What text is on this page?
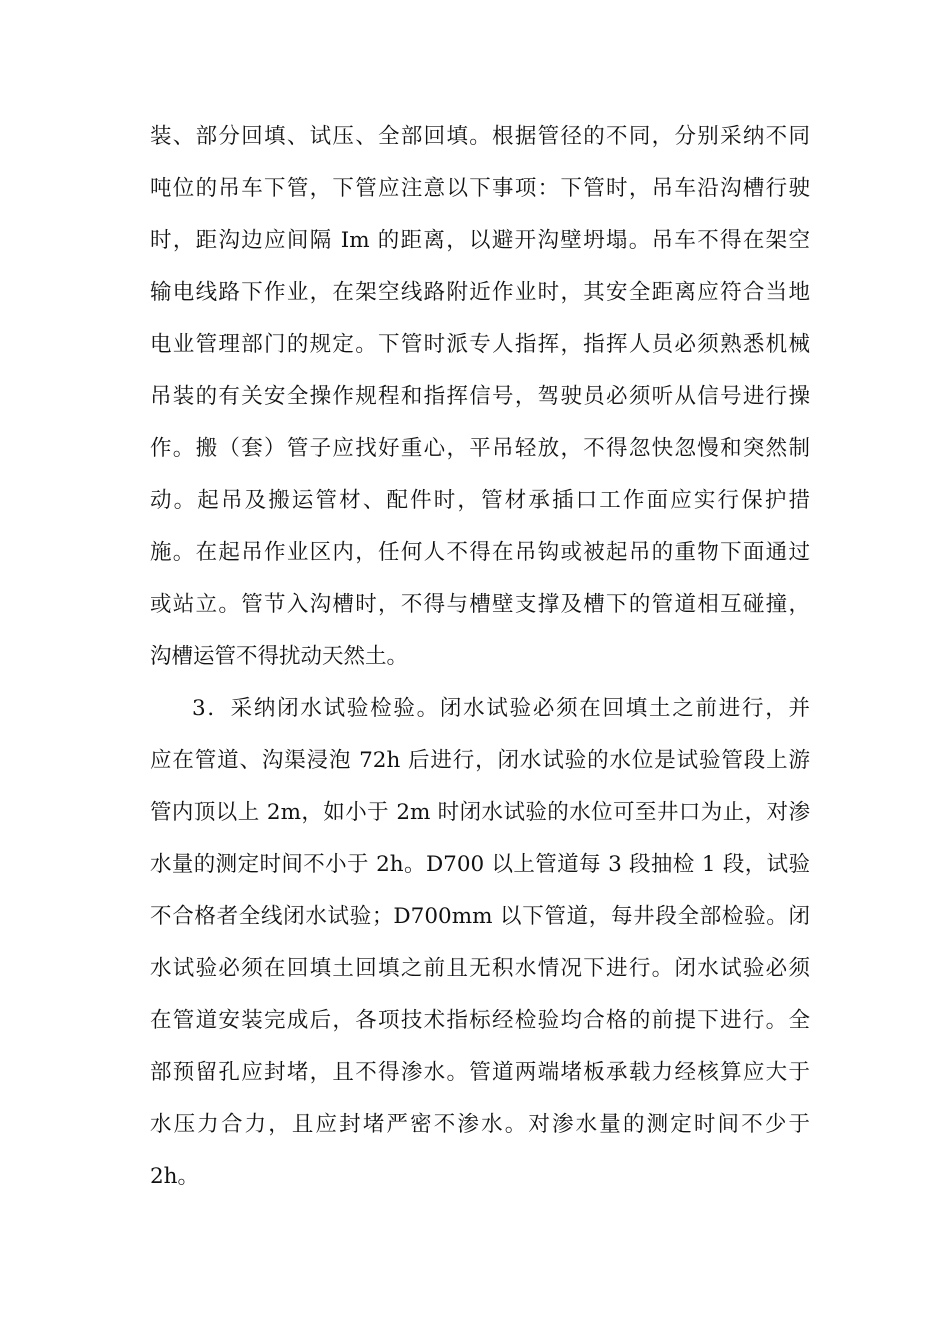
装、部分回填、试压、全部回填。根据管径的不同，分别采纳不同
吨位的吊车下管，下管应注意以下事项：下管时，吊车沿沟槽行驶
时，距沟边应间隔 Im 的距离，以避开沟壁坍塌。吊车不得在架空
输电线路下作业，在架空线路附近作业时，其安全距离应符合当地
电业管理部门的规定。下管时派专人指挥，指挥人员必须熟悉机械
吊装的有关安全操作规程和指挥信号，驾驶员必须听从信号进行操
作。搬（套）管子应找好重心，平吊轻放，不得忽快忽慢和突然制
动。起吊及搬运管材、配件时，管材承插口工作面应实行保护措
施。在起吊作业区内，任何人不得在吊钩或被起吊的重物下面通过
或站立。管节入沟槽时，不得与槽壁支撑及槽下的管道相互碰撞，
沟槽运管不得扰动天然土。
3．采纳闭水试验检验。闭水试验必须在回填土之前进行，并
应在管道、沟渠浸泡 72h 后进行，闭水试验的水位是试验管段上游
管内顶以上 2m，如小于 2m 时闭水试验的水位可至井口为止，对渗
水量的测定时间不小于 2h。D700 以上管道每 3 段抽检 1 段，试验
不合格者全线闭水试验；D700mm 以下管道，每井段全部检验。闭
水试验必须在回填土回填之前且无积水情况下进行。闭水试验必须
在管道安装完成后，各项技术指标经检验均合格的前提下进行。全
部预留孔应封堵，且不得渗水。管道两端堵板承载力经核算应大于
水压力合力，且应封堵严密不渗水。对渗水量的测定时间不少于
2h。
